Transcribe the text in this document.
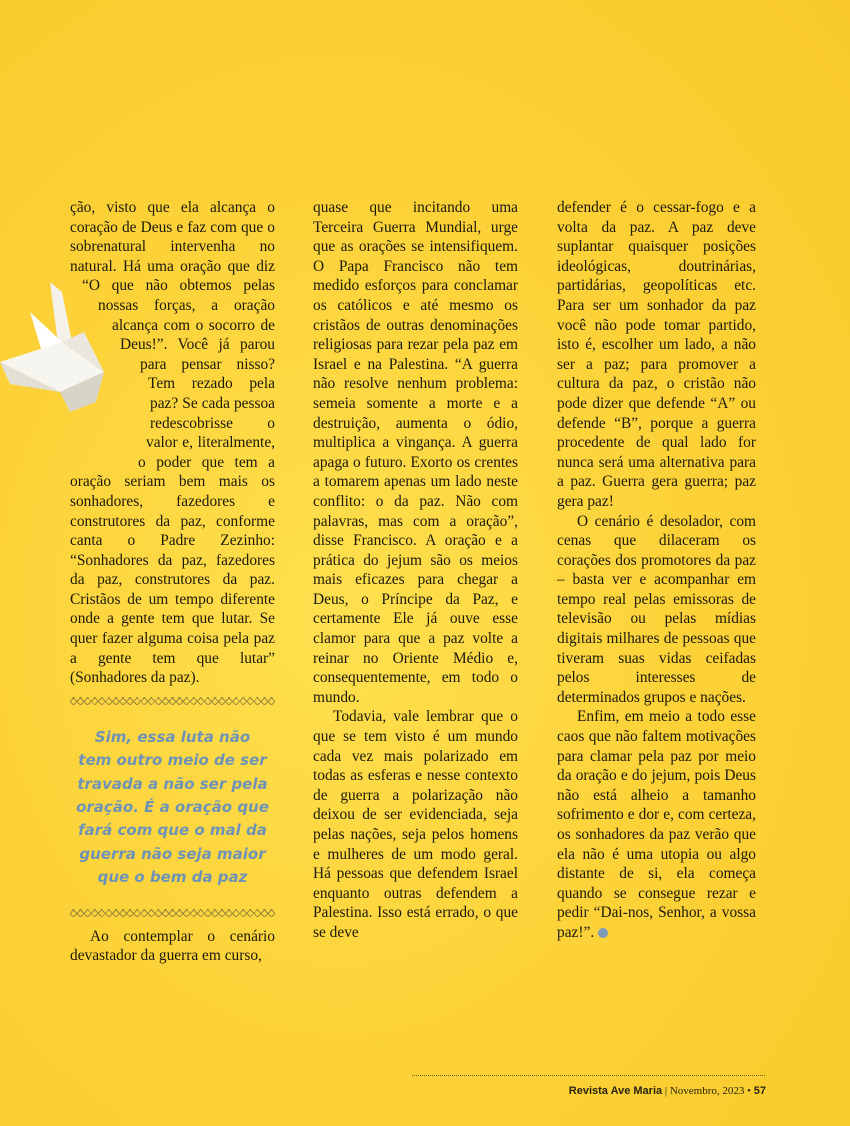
ção, visto que ela alcança o coração de Deus e faz com que o sobrenatural intervenha no natural. Há uma oração que diz “O que não obtemos pelas nossas forças, a oração alcança com o socorro de Deus!”. Você já parou para pensar nisso? Tem rezado pela paz? Se cada pessoa redescobrisse o valor e, literalmente, o poder que tem a oração seriam bem mais os sonhadores, fazedores e construtores da paz, conforme canta o Padre Zezinho: “Sonhadores da paz, fazedores da paz, construtores da paz. Cristãos de um tempo diferente onde a gente tem que lutar. Se quer fazer alguma coisa pela paz a gente tem que lutar” (Sonhadores da paz).

Sim, essa luta não tem outro meio de ser travada a não ser pela oração. É a oração que fará com que o mal da guerra não seja maior que o bem da paz

Ao contemplar o cenário devastador da guerra em curso,

quase que incitando uma Terceira Guerra Mundial, urge que as orações se intensifiquem. O Papa Francisco não tem medido esforços para conclamar os católicos e até mesmo os cristãos de outras denominações religiosas para rezar pela paz em Israel e na Palestina. “A guerra não resolve nenhum problema: semeia somente a morte e a destruição, aumenta o ódio, multiplica a vingança. A guerra apaga o futuro. Exorto os crentes a tomarem apenas um lado neste conflito: o da paz. Não com palavras, mas com a oração”, disse Francisco. A oração e a prática do jejum são os meios mais eficazes para chegar a Deus, o Príncipe da Paz, e certamente Ele já ouve esse clamor para que a paz volte a reinar no Oriente Médio e, consequentemente, em todo o mundo.

Todavia, vale lembrar que o que se tem visto é um mundo cada vez mais polarizado em todas as esferas e nesse contexto de guerra a polarização não deixou de ser evidenciada, seja pelas nações, seja pelos homens e mulheres de um modo geral. Há pessoas que defendem Israel enquanto outras defendem a Palestina. Isso está errado, o que se deve

defender é o cessar-fogo e a volta da paz. A paz deve suplantar quaisquer posições ideológicas, doutrinárias, partidárias, geopolíticas etc. Para ser um sonhador da paz você não pode tomar partido, isto é, escolher um lado, a não ser a paz; para promover a cultura da paz, o cristão não pode dizer que defende “A” ou defende “B”, porque a guerra procedente de qual lado for nunca será uma alternativa para a paz. Guerra gera guerra; paz gera paz!

O cenário é desolador, com cenas que dilaceram os corações dos promotores da paz – basta ver e acompanhar em tempo real pelas emissoras de televisão ou pelas mídias digitais milhares de pessoas que tiveram suas vidas ceifadas pelos interesses de determinados grupos e nações.

Enfim, em meio a todo esse caos que não faltem motivações para clamar pela paz por meio da oração e do jejum, pois Deus não está alheio a tamanho sofrimento e dor e, com certeza, os sonhadores da paz verão que ela não é uma utopia ou algo distante de si, ela começa quando se consegue rezar e pedir “Dai-nos, Senhor, a vossa paz!”.

Revista Ave Maria | Novembro, 2023 • 57
